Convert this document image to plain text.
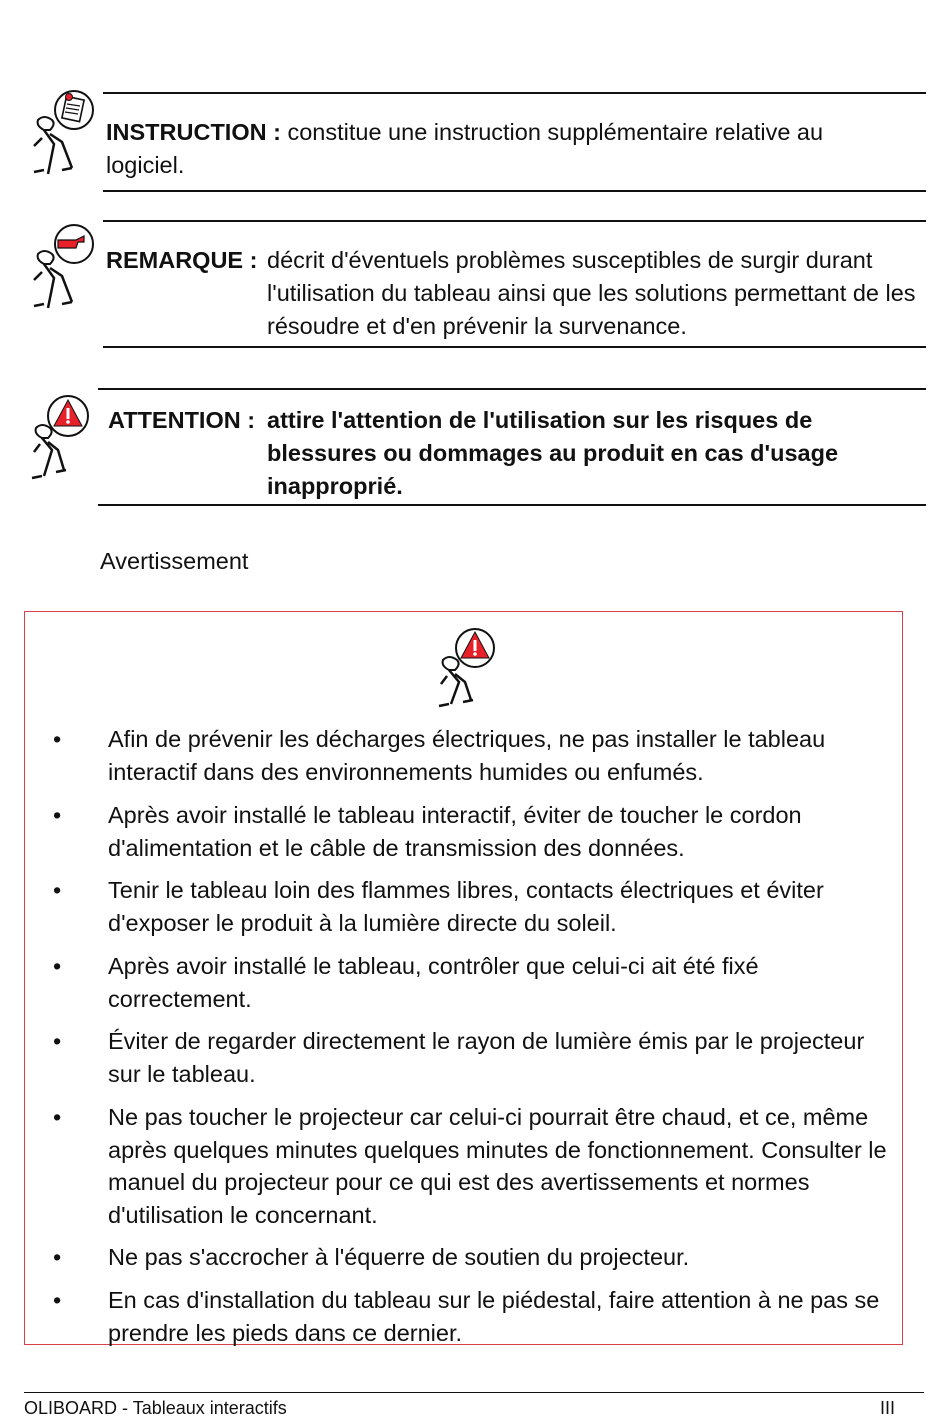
INSTRUCTION : constitue une instruction supplémentaire relative au logiciel.
REMARQUE : décrit d'éventuels problèmes susceptibles de surgir durant l'utilisation du tableau ainsi que les solutions permettant de les résoudre et d'en prévenir la survenance.
ATTENTION : attire l'attention de l'utilisation sur les risques de blessures ou dommages au produit en cas d'usage inapproprié.
Avertissement
•	Afin de prévenir les décharges électriques, ne pas installer le tableau interactif dans des environnements humides ou enfumés.
•	Après avoir installé le tableau interactif, éviter de toucher le cordon d'alimentation et le câble de transmission des données.
•	Tenir le tableau loin des flammes libres, contacts électriques et éviter d'exposer le produit à la lumière directe du soleil.
•	Après avoir installé le tableau, contrôler que celui-ci ait été fixé correctement.
•	Éviter de regarder directement le rayon de lumière émis par le projecteur sur le tableau.
•	Ne pas toucher le projecteur car celui-ci pourrait être chaud, et ce, même après quelques minutes quelques minutes de fonctionnement. Consulter le manuel du projecteur pour ce qui est des avertissements et normes d'utilisation le concernant.
•	Ne pas s'accrocher à l'équerre de soutien du projecteur.
•	En cas d'installation du tableau sur le piédestal, faire attention à ne pas se prendre les pieds dans ce dernier.
OLIBOARD - Tableaux interactifs	III
